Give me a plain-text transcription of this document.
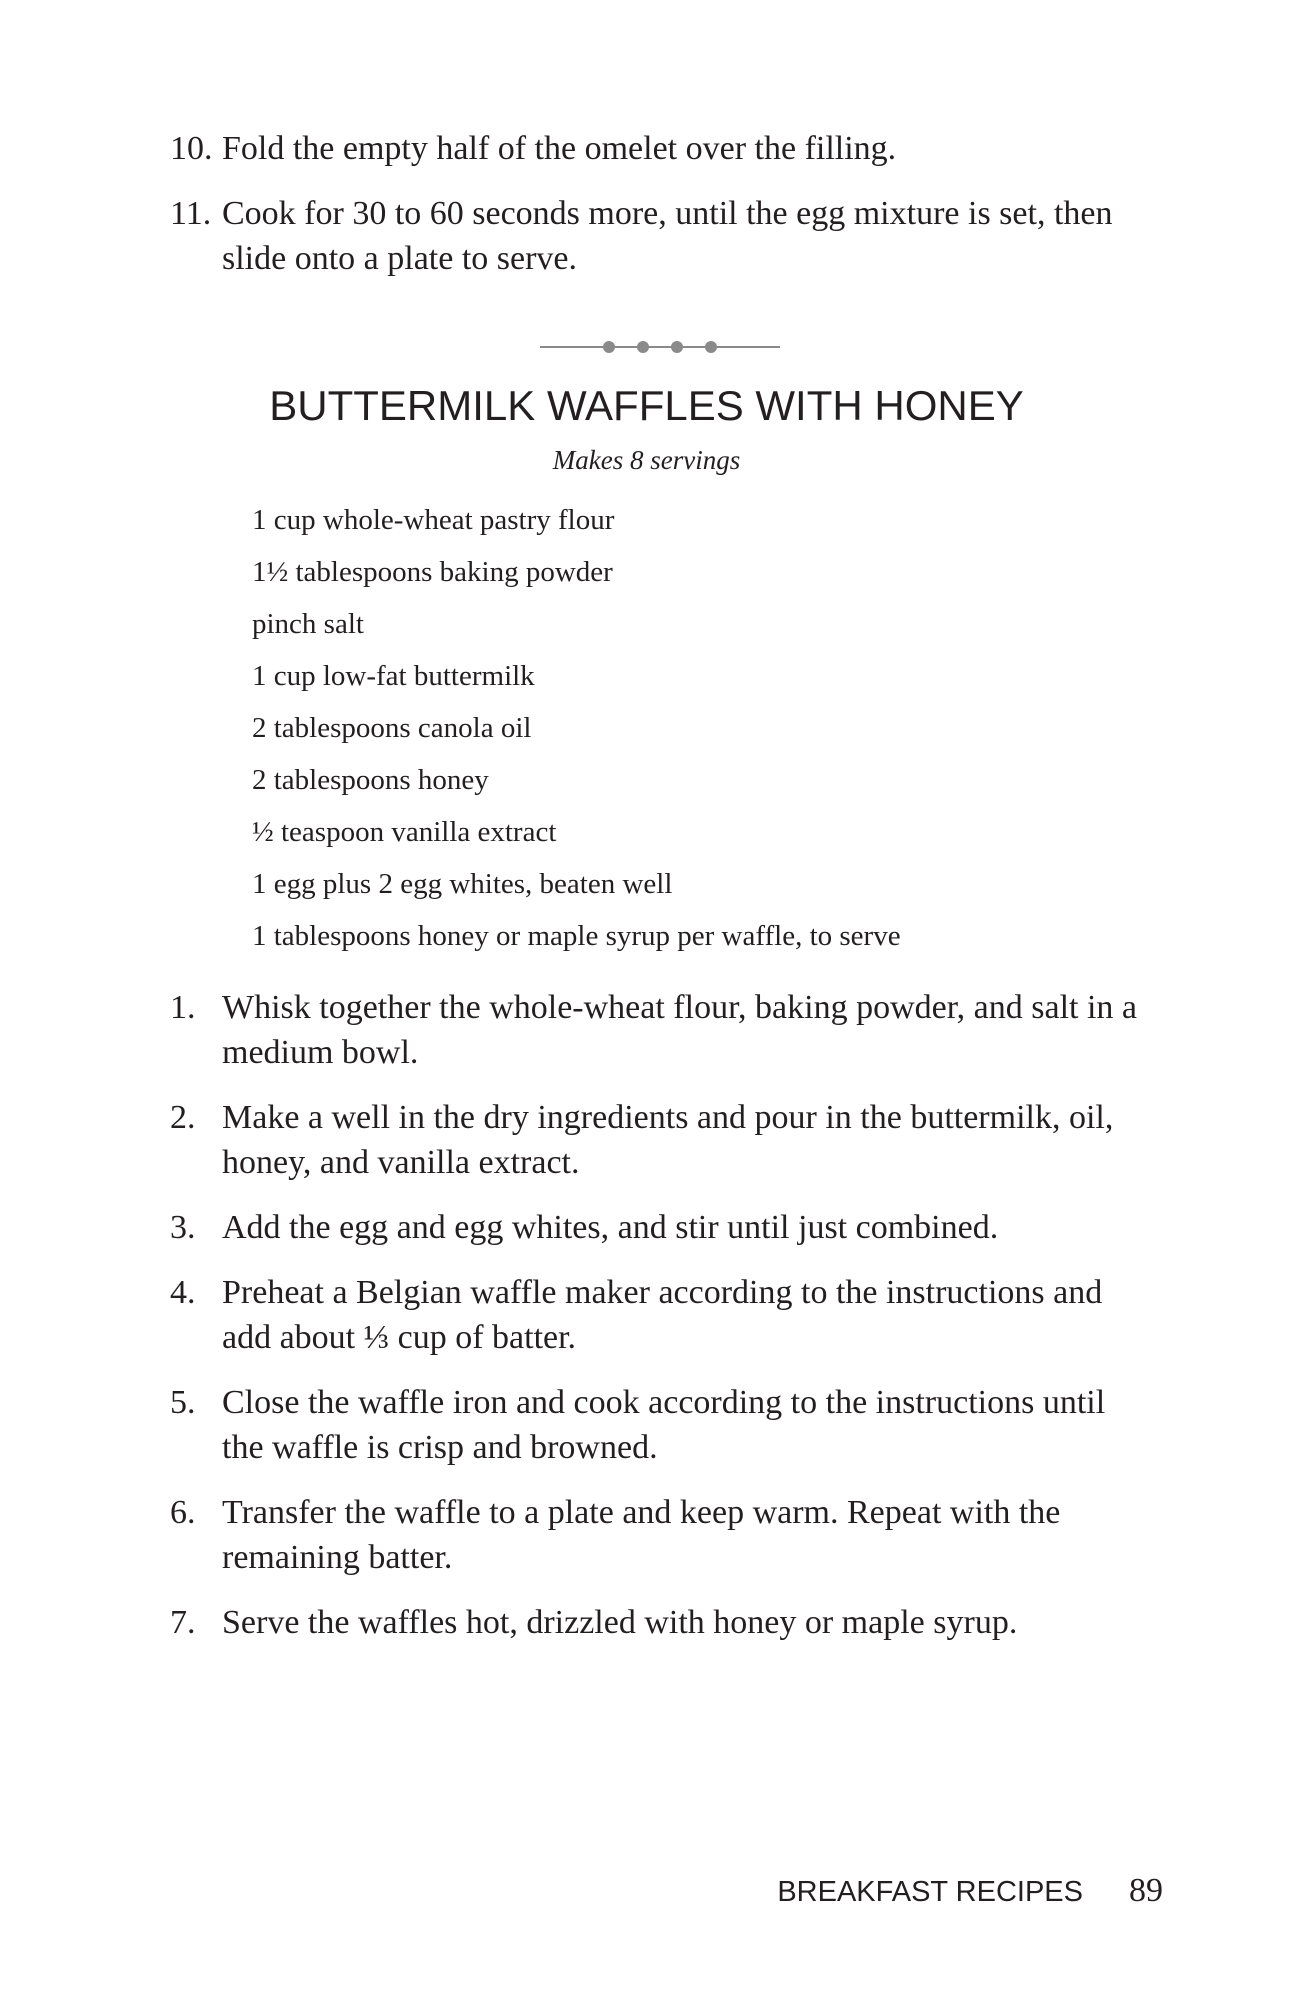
10. Fold the empty half of the omelet over the filling.
11. Cook for 30 to 60 seconds more, until the egg mixture is set, then slide onto a plate to serve.
BUTTERMILK WAFFLES WITH HONEY
Makes 8 servings
1 cup whole-wheat pastry flour
1½ tablespoons baking powder
pinch salt
1 cup low-fat buttermilk
2 tablespoons canola oil
2 tablespoons honey
½ teaspoon vanilla extract
1 egg plus 2 egg whites, beaten well
1 tablespoons honey or maple syrup per waffle, to serve
1. Whisk together the whole-wheat flour, baking powder, and salt in a medium bowl.
2. Make a well in the dry ingredients and pour in the buttermilk, oil, honey, and vanilla extract.
3. Add the egg and egg whites, and stir until just combined.
4. Preheat a Belgian waffle maker according to the instructions and add about ⅓ cup of batter.
5. Close the waffle iron and cook according to the instructions until the waffle is crisp and browned.
6. Transfer the waffle to a plate and keep warm. Repeat with the remaining batter.
7. Serve the waffles hot, drizzled with honey or maple syrup.
BREAKFAST RECIPES 89
